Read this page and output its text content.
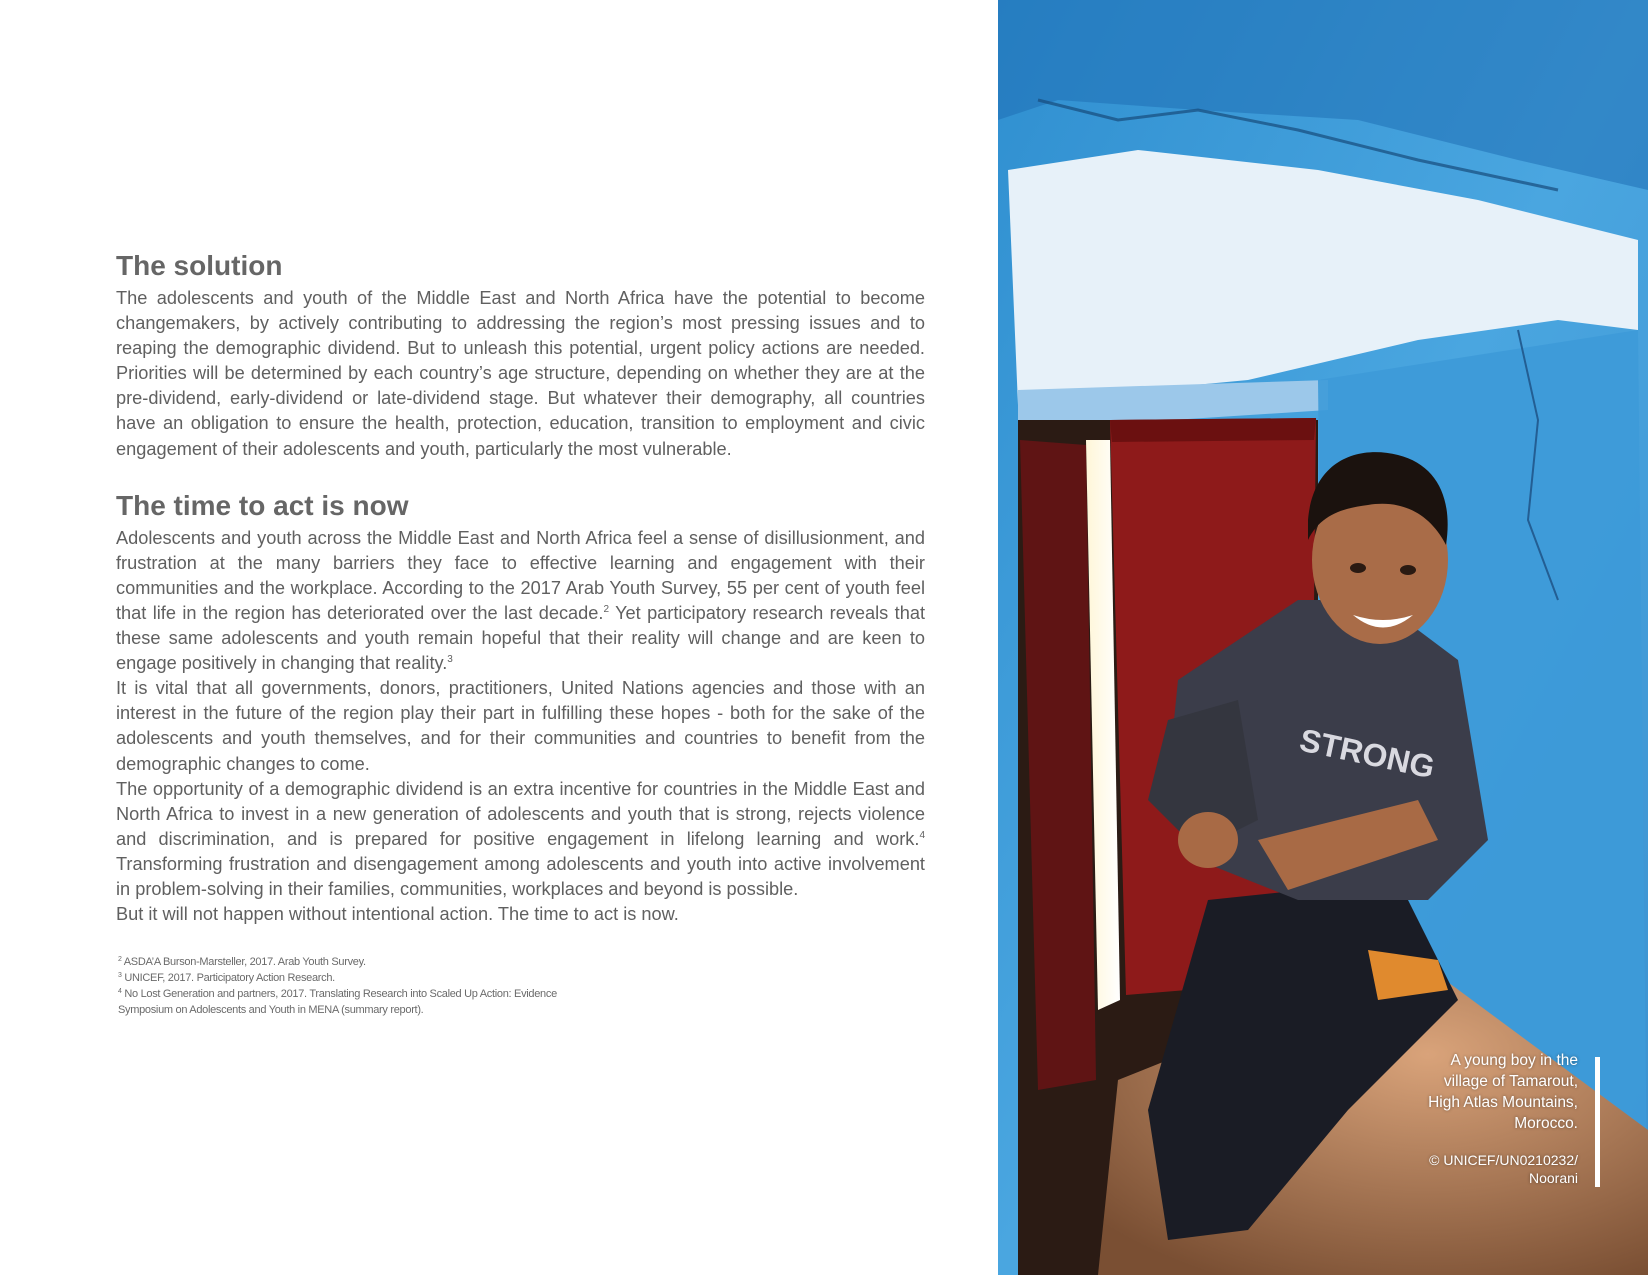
The solution

The adolescents and youth of the Middle East and North Africa have the potential to become changemakers, by actively contributing to addressing the region’s most pressing issues and to reaping the demographic dividend. But to unleash this potential, urgent policy actions are needed. Priorities will be determined by each country’s age structure, depending on whether they are at the pre-dividend, early-dividend or late-dividend stage. But whatever their demography, all countries have an obligation to ensure the health, protection, education, transition to employment and civic engagement of their adolescents and youth, particularly the most vulnerable.

The time to act is now

Adolescents and youth across the Middle East and North Africa feel a sense of disillusionment, and frustration at the many barriers they face to effective learning and engagement with their communities and the workplace. According to the 2017 Arab Youth Survey, 55 per cent of youth feel that life in the region has deteriorated over the last decade.$^2$ Yet participatory research reveals that these same adolescents and youth remain hopeful that their reality will change and are keen to engage positively in changing that reality.$^3$

It is vital that all governments, donors, practitioners, United Nations agencies and those with an interest in the future of the region play their part in fulfilling these hopes - both for the sake of the adolescents and youth themselves, and for their communities and countries to benefit from the demographic changes to come.

The opportunity of a demographic dividend is an extra incentive for countries in the Middle East and North Africa to invest in a new generation of adolescents and youth that is strong, rejects violence and discrimination, and is prepared for positive engagement in lifelong learning and work.$^4$ Transforming frustration and disengagement among adolescents and youth into active involvement in problem-solving in their families, communities, workplaces and beyond is possible.

But it will not happen without intentional action. The time to act is now.

$^2$ ASDA’A Burson-Marsteller, 2017. Arab Youth Survey.
$^3$ UNICEF, 2017. Participatory Action Research.
$^4$ No Lost Generation and partners, 2017. Translating Research into Scaled Up Action: Evidence
Symposium on Adolescents and Youth in MENA (summary report).
STRONG
A young boy in the
village of Tamarout,
High Atlas Mountains,
Morocco.
© UNICEF/UN0210232/
Noorani
